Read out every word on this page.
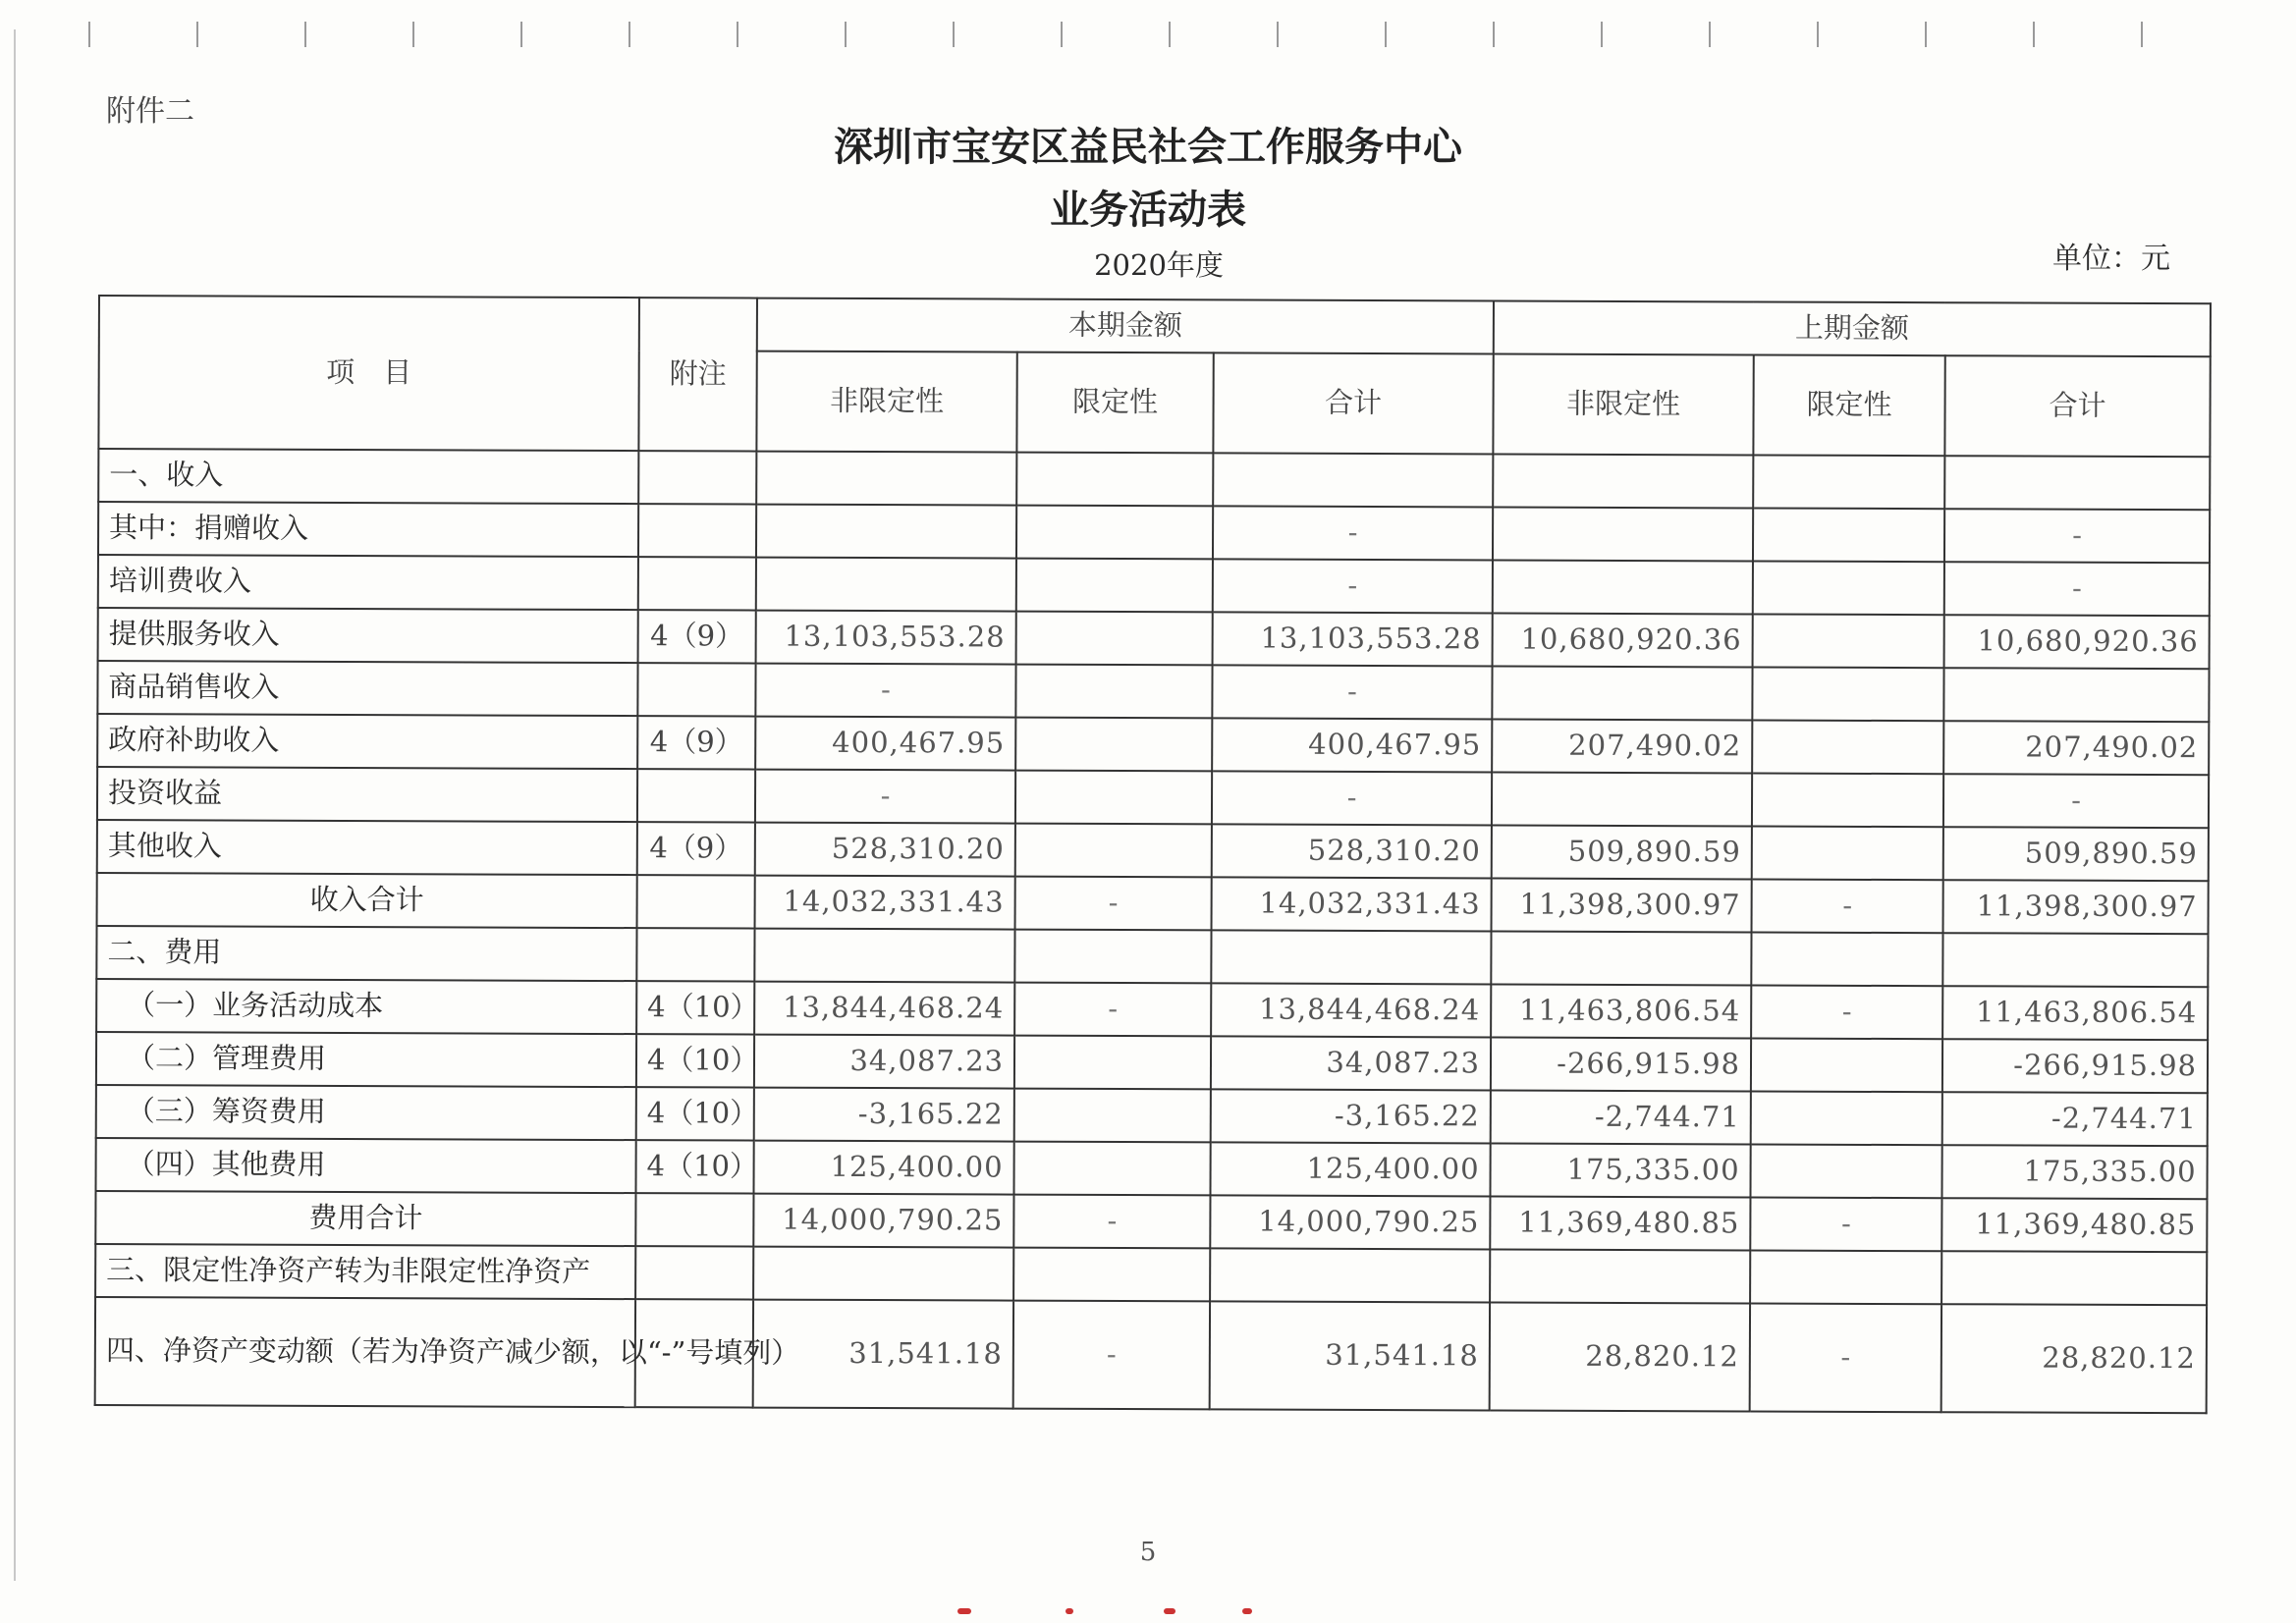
附件二
深圳市宝安区益民社会工作服务中心
业务活动表
2020年度	单位：元
项　目	附注	本期金额			上期金额		
		非限定性	限定性	合计	非限定性	限定性	合计
一、收入							
其中：捐赠收入				-			-
培训费收入				-			-
提供服务收入	4（9）	13,103,553.28		13,103,553.28	10,680,920.36		10,680,920.36
商品销售收入		-		-			
政府补助收入	4（9）	400,467.95		400,467.95	207,490.02		207,490.02
投资收益		-		-			-
其他收入	4（9）	528,310.20		528,310.20	509,890.59		509,890.59
收入合计		14,032,331.43	-	14,032,331.43	11,398,300.97	-	11,398,300.97
二、费用							
（一）业务活动成本	4（10）	13,844,468.24	-	13,844,468.24	11,463,806.54	-	11,463,806.54
（二）管理费用	4（10）	34,087.23		34,087.23	-266,915.98		-266,915.98
（三）筹资费用	4（10）	-3,165.22		-3,165.22	-2,744.71		-2,744.71
（四）其他费用	4（10）	125,400.00		125,400.00	175,335.00		175,335.00
费用合计		14,000,790.25	-	14,000,790.25	11,369,480.85	-	11,369,480.85
三、限定性净资产转为非限定性净资产							
四、净资产变动额（若为净资产减少额，以“-”号填列）		31,541.18	-	31,541.18	28,820.12	-	28,820.12
5
